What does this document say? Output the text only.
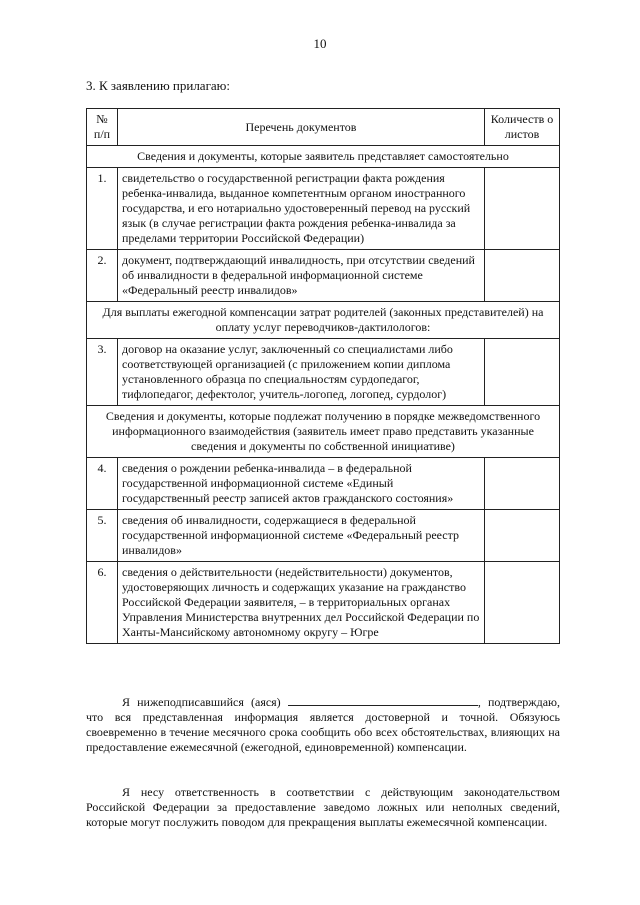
10
3. К заявлению прилагаю:
№ п/п	Перечень документов	Количеств о листов
Сведения и документы, которые заявитель представляет самостоятельно		
1.	свидетельство о государственной регистрации факта рождения ребенка-инвалида, выданное компетентным органом иностранного государства, и его нотариально удостоверенный перевод на русский язык (в случае регистрации факта рождения ребенка-инвалида за пределами территории Российской Федерации)	
2.	документ, подтверждающий инвалидность, при отсутствии сведений об инвалидности в федеральной информационной системе «Федеральный реестр инвалидов»	
Для выплаты ежегодной компенсации затрат родителей (законных представителей) на оплату услуг переводчиков-дактилологов:		
3.	договор на оказание услуг, заключенный со специалистами либо соответствующей организацией (с приложением копии диплома установленного образца по специальностям сурдопедагог, тифлопедагог, дефектолог, учитель-логопед, логопед, сурдолог)	
Сведения и документы, которые подлежат получению в порядке межведомственного информационного взаимодействия (заявитель имеет право представить указанные сведения и документы по собственной инициативе)		
4.	сведения о рождении ребенка-инвалида – в федеральной государственной информационной системе «Единый государственный реестр записей актов гражданского состояния»	
5.	сведения об инвалидности, содержащиеся в федеральной государственной информационной системе «Федеральный реестр инвалидов»	
6.	сведения о действительности (недействительности) документов, удостоверяющих личность и содержащих указание на гражданство Российской Федерации заявителя, – в территориальных органах Управления Министерства внутренних дел Российской Федерации по Ханты-Мансийскому автономному округу – Югре	
Я нижеподписавшийся (аяся)	, подтверждаю, что вся представленная информация является достоверной и точной. Обязуюсь своевременно в течение месячного срока сообщить обо всех обстоятельствах, влияющих на предоставление ежемесячной (ежегодной, единовременной) компенсации.
Я несу ответственность в соответствии с действующим законодательством Российской Федерации за предоставление заведомо ложных или неполных сведений, которые могут послужить поводом для прекращения выплаты ежемесячной компенсации.
